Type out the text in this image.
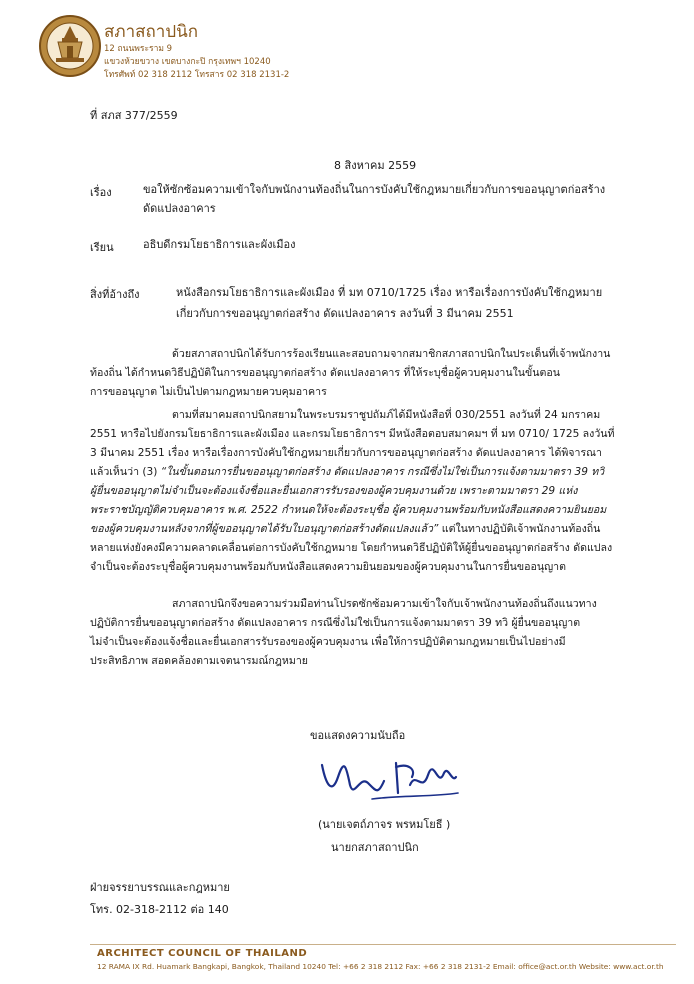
สภาสถาปนิก
12 ถนนพระราม 9
แขวงห้วยขวาง เขตบางกะปิ กรุงเทพฯ 10240
โทรศัพท์ 02 318 2112 โทรสาร 02 318 2131-2
ที่ สภส 377/2559
8 สิงหาคม 2559
เรื่อง	ขอให้ซักซ้อมความเข้าใจกับพนักงานท้องถิ่นในการบังคับใช้กฎหมายเกี่ยวกับการขออนุญาตก่อสร้าง
ดัดแปลงอาคาร
เรียน	อธิบดีกรมโยธาธิการและผังเมือง
สิ่งที่อ้างถึง	หนังสือกรมโยธาธิการและผังเมือง ที่ มท 0710/1725 เรื่อง หารือเรื่องการบังคับใช้กฎหมาย
เกี่ยวกับการขออนุญาตก่อสร้าง ดัดแปลงอาคาร ลงวันที่ 3 มีนาคม 2551
ด้วยสภาสถาปนิกได้รับการร้องเรียนและสอบถามจากสมาชิกสภาสถาปนิกในประเด็นที่เจ้าพนักงาน
ท้องถิ่น ได้กำหนดวิธีปฏิบัติในการขออนุญาตก่อสร้าง ดัดแปลงอาคาร ที่ให้ระบุชื่อผู้ควบคุมงานในขั้นตอน
การขออนุญาต ไม่เป็นไปตามกฎหมายควบคุมอาคาร
ตามที่สมาคมสถาปนิกสยามในพระบรมราชูปถัมภ์ได้มีหนังสือที่ 030/2551 ลงวันที่ 24 มกราคม
2551 หารือไปยังกรมโยธาธิการและผังเมือง และกรมโยธาธิการฯ มีหนังสือตอบสมาคมฯ ที่ มท 0710/ 1725 ลงวันที่
3 มีนาคม 2551 เรื่อง หารือเรื่องการบังคับใช้กฎหมายเกี่ยวกับการขออนุญาตก่อสร้าง ดัดแปลงอาคาร ได้พิจารณา
แล้วเห็นว่า (3) “ในขั้นตอนการยื่นขออนุญาตก่อสร้าง ดัดแปลงอาคาร กรณีซึ่งไม่ใช่เป็นการแจ้งตามมาตรา 39 ทวิ
ผู้ยื่นขออนุญาตไม่จำเป็นจะต้องแจ้งชื่อและยื่นเอกสารรับรองของผู้ควบคุมงานด้วย เพราะตามมาตรา 29 แห่ง
พระราชบัญญัติควบคุมอาคาร พ.ศ. 2522 กำหนดให้จะต้องระบุชื่อ ผู้ควบคุมงานพร้อมกับหนังสือแสดงความยินยอม
ของผู้ควบคุมงานหลังจากที่ผู้ขออนุญาตได้รับใบอนุญาตก่อสร้างดัดแปลงแล้ว” แต่ในทางปฏิบัติเจ้าพนักงานท้องถิ่น
หลายแห่งยังคงมีความคลาดเคลื่อนต่อการบังคับใช้กฎหมาย โดยกำหนดวิธีปฏิบัติให้ผู้ยื่นขออนุญาตก่อสร้าง ดัดแปลง
จำเป็นจะต้องระบุชื่อผู้ควบคุมงานพร้อมกับหนังสือแสดงความยินยอมของผู้ควบคุมงานในการยื่นขออนุญาต
สภาสถาปนิกจึงขอความร่วมมือท่านโปรดซักซ้อมความเข้าใจกับเจ้าพนักงานท้องถิ่นถึงแนวทาง
ปฏิบัติการยื่นขออนุญาตก่อสร้าง ดัดแปลงอาคาร กรณีซึ่งไม่ใช่เป็นการแจ้งตามมาตรา 39 ทวิ ผู้ยื่นขออนุญาต
ไม่จำเป็นจะต้องแจ้งชื่อและยื่นเอกสารรับรองของผู้ควบคุมงาน เพื่อให้การปฏิบัติตามกฎหมายเป็นไปอย่างมี
ประสิทธิภาพ สอดคล้องตามเจตนารมณ์กฎหมาย
ขอแสดงความนับถือ
(นายเจตถ์ภาจร พรหมโยธี )
นายกสภาสถาปนิก
ฝ่ายจรรยาบรรณและกฎหมาย
โทร. 02-318-2112 ต่อ 140
ARCHITECT COUNCIL OF THAILAND
12 RAMA IX Rd. Huamark Bangkapi, Bangkok, Thailand 10240 Tel: +66 2 318 2112 Fax: +66 2 318 2131-2 Email: office@act.or.th Website: www.act.or.th
